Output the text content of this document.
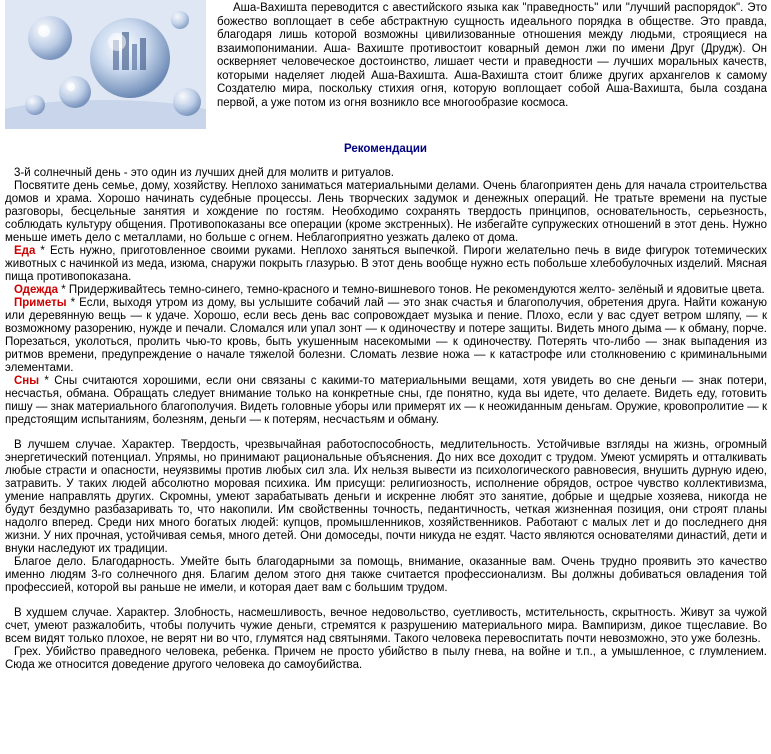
Аша-Вахишта переводится с авестийского языка как "праведность" или "лучший распорядок". Это божество воплощает в себе абстрактную сущность идеального порядка в обществе. Это правда, благодаря лишь которой возможны цивилизованные отношения между людьми, строящиеся на взаимопонимании. Аша- Вахиште противостоит коварный демон лжи по имени Друг (Друдж). Он оскверняет человеческое достоинство, лишает чести и праведности — лучших моральных качеств, которыми наделяет людей Аша-Вахишта. Аша-Вахишта стоит ближе других архангелов к самому Создателю мира, поскольку стихия огня, которую воплощает собой Аша-Вахишта, была создана первой, а уже потом из огня возникло все многообразие космоса.
Рекомендации

3-й солнечный день - это один из лучших дней для молитв и ритуалов.

Посвятите день семье, дому, хозяйству. Неплохо заниматься материальными делами. Очень благоприятен день для начала строительства домов и храма. Хорошо начинать судебные процессы. Лень творческих задумок и денежных операций. Не тратьте времени на пустые разговоры, бесцельные занятия и хождение по гостям. Необходимо сохранять твердость принципов, основательность, серьезность, соблюдать культуру общения. Противопоказаны все операции (кроме экстренных). Не избегайте супружеских отношений в этот день. Нужно меньше иметь дело с металлами, но больше с огнем. Неблагоприятно уезжать далеко от дома.

Еда * Есть нужно, приготовленное своими руками. Неплохо заняться выпечкой. Пироги желательно печь в виде фигурок тотемических животных с начинкой из меда, изюма, снаружи покрыть глазурью. В этот день вообще нужно есть побольше хлебобулочных изделий. Мясная пища противопоказана.

Одежда * Придерживайтесь темно-синего, темно-красного и темно-вишневого тонов. Не рекомендуются желто- зелёный и ядовитые цвета.

Приметы * Если, выходя утром из дому, вы услышите собачий лай — это знак счастья и благополучия, обретения друга. Найти кожаную или деревянную вещь — к удаче. Хорошо, если весь день вас сопровождает музыка и пение. Плохо, если у вас сдует ветром шляпу, — к возможному разорению, нужде и печали. Сломался или упал зонт — к одиночеству и потере защиты. Видеть много дыма — к обману, порче. Порезаться, уколоться, пролить чью-то кровь, быть укушенным насекомыми — к одиночеству. Потерять что-либо — знак выпадения из ритмов времени, предупреждение о начале тяжелой болезни. Сломать лезвие ножа — к катастрофе или столкновению с криминальными элементами.

Сны * Сны считаются хорошими, если они связаны с какими-то материальными вещами, хотя увидеть во сне деньги — знак потери, несчастья, обмана. Обращать следует внимание только на конкретные сны, где понятно, куда вы идете, что делаете. Видеть еду, готовить пишу — знак материального благополучия. Видеть головные уборы или примерят их — к неожиданным деньгам. Оружие, кровопролитие — к предстоящим испытаниям, болезням, деньги — к потерям, несчастьям и обману.

В лучшем случае. Характер. Твердость, чрезвычайная работоспособность, медлительность. Устойчивые взгляды на жизнь, огромный энергетический потенциал. Упрямы, но принимают рациональные объяснения. До них все доходит с трудом. Умеют усмирять и отталкивать любые страсти и опасности, неуязвимы против любых сил зла. Их нельзя вывести из психологического равновесия, внушить дурную идею, затравить. У таких людей абсолютно моровая психика. Им присущи: религиозность, исполнение обрядов, острое чувство коллективизма, умение направлять других. Скромны, умеют зарабатывать деньги и искренне любят это занятие, добрые и щедрые хозяева, никогда не будут бездумно разбазаривать то, что накопили. Им свойственны точность, педантичность, четкая жизненная позиция, они строят планы надолго вперед. Среди них много богатых людей: купцов, промышленников, хозяйственников. Работают с малых лет и до последнего дня жизни. У них прочная, устойчивая семья, много детей. Они домоседы, почти никуда не ездят. Часто являются основателями династий, дети и внуки наследуют их традиции.

Благое дело. Благодарность. Умейте быть благодарными за помощь, внимание, оказанные вам. Очень трудно проявить это качество именно людям 3-го солнечного дня. Благим делом этого дня также считается профессионализм. Вы должны добиваться овладения той профессией, которой вы раньше не имели, и которая дает вам с большим трудом.

В худшем случае. Характер. Злобность, насмешливость, вечное недовольство, суетливость, мстительность, скрытность. Живут за чужой счет, умеют разжалобить, чтобы получить чужие деньги, стремятся к разрушению материального мира. Вампиризм, дикое тщеславие. Во всем видят только плохое, не верят ни во что, глумятся над святынями. Такого человека перевоспитать почти невозможно, это уже болезнь.

Грех. Убийство праведного человека, ребенка. Причем не просто убийство в пылу гнева, на войне и т.п., а умышленное, с глумлением. Сюда же относится доведение другого человека до самоубийства.
